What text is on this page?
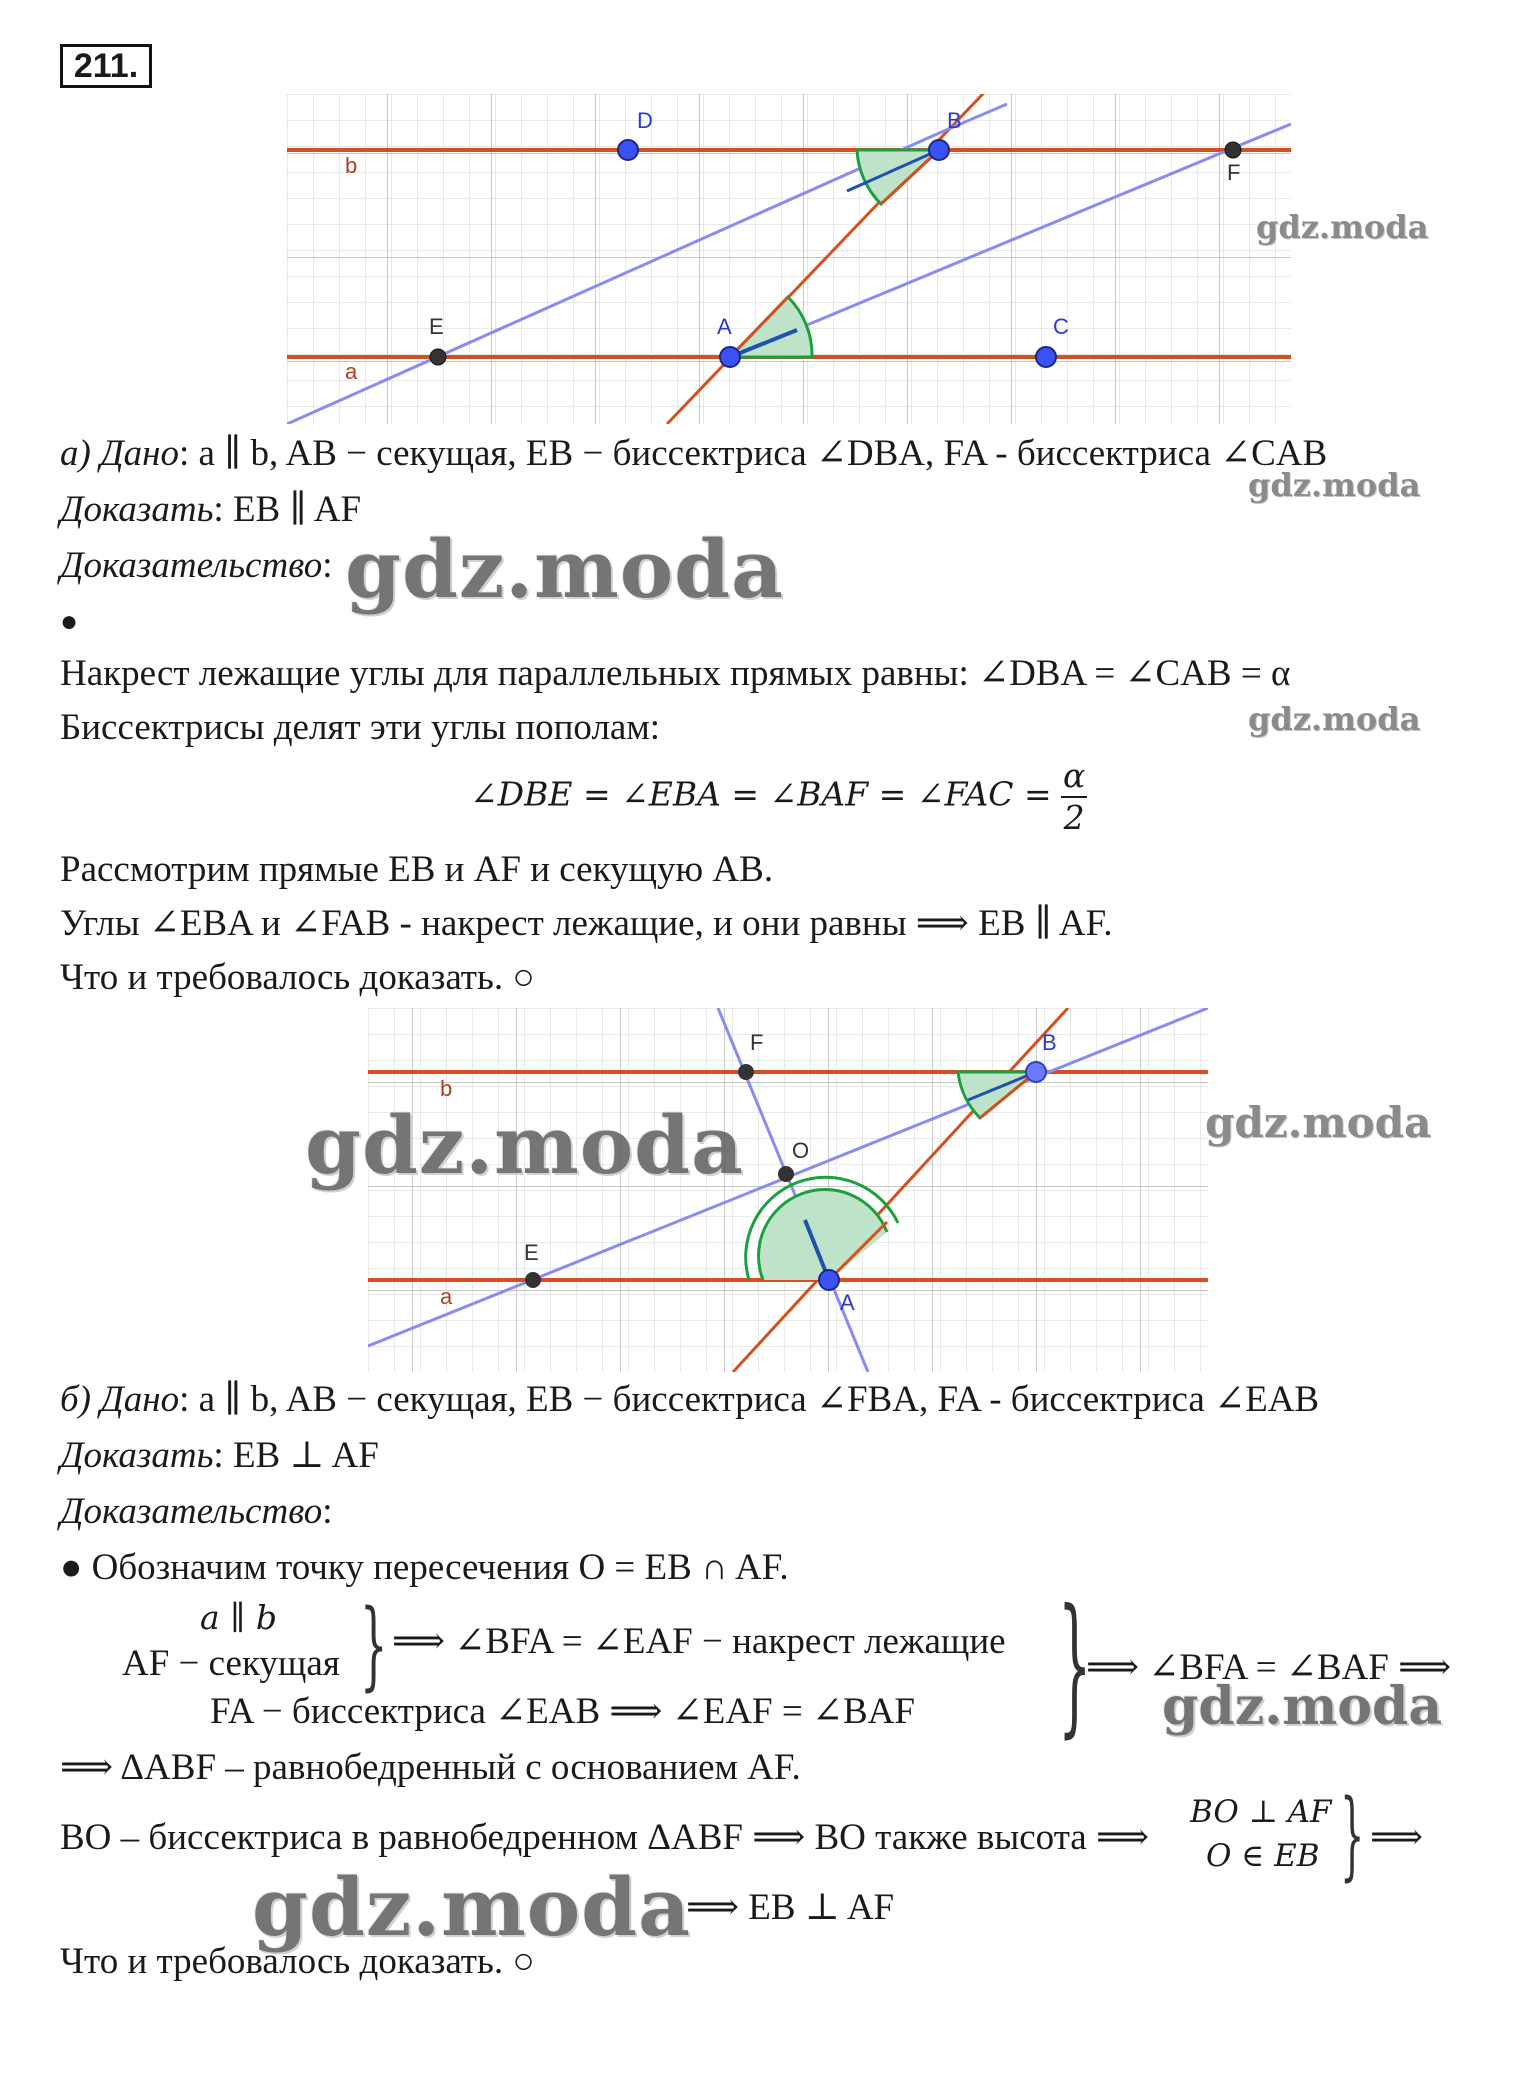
211.
b
a
D	B
F
E	A	C
а) Дано: a ∥ b, AB − секущая, EB − биссектриса ∠DBA, FA - биссектриса ∠CAB
Доказать: EB ∥ AF
Доказательство:
●
Накрест лежащие углы для параллельных прямых равны: ∠DBA = ∠CAB = α
Биссектрисы делят эти углы пополам:
∠DBE = ∠EBA = ∠BAF = ∠FAC = $\frac{\alpha}{2}$
Рассмотрим прямые EB и AF и секущую AB.
Углы ∠EBA и ∠FAB - накрест лежащие, и они равны ⟹ EB ∥ AF.
Что и требовалось доказать. ○
b
a
F	B
O
E
A
б) Дано: a ∥ b, AB − секущая, EB − биссектриса ∠FBA, FA - биссектриса ∠EAB
Доказать: EB ⊥ AF
Доказательство:
● Обозначим точку пересечения O = EB ∩ AF.
a ∥ b
AF − секущая } ⟹ ∠BFA = ∠EAF − накрест лежащие
FA − биссектриса ∠EAB ⟹ ∠EAF = ∠BAF }
⟹ ∠BFA = ∠BAF ⟹
⟹ ΔABF – равнобедренный с основанием AF.
BO – биссектриса в равнобедренном ΔABF ⟹ BO также высота ⟹
BO ⊥ AF
O ∈ EB } ⟹
⟹ EB ⊥ AF
Что и требовалось доказать. ○
gdz.moda
gdz.moda
gdz.moda
gdz.moda
gdz.moda	gdz.moda
gdz.moda
gdz.moda
